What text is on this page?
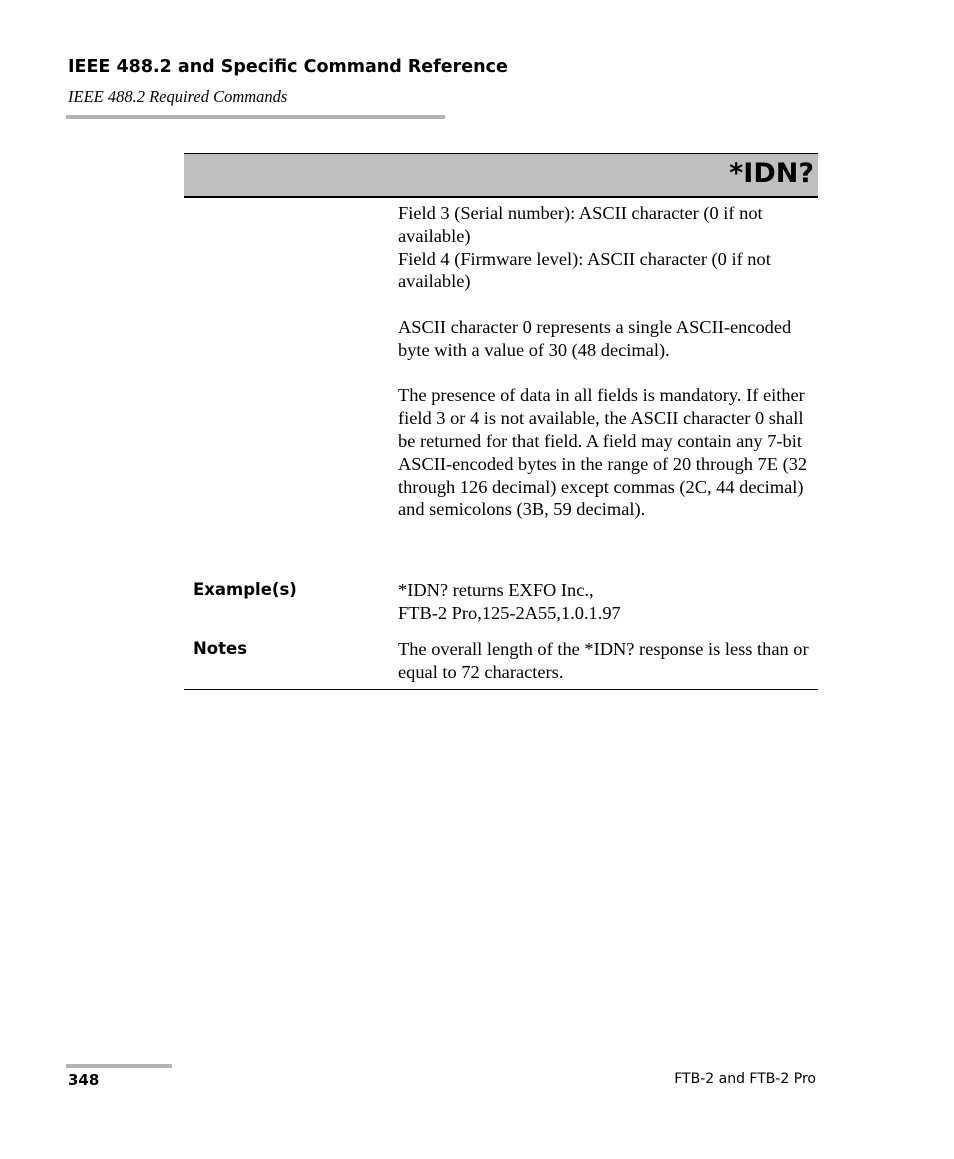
IEEE 488.2 and Specific Command Reference
IEEE 488.2 Required Commands
*IDN?

Field 3 (Serial number): ASCII character (0 if not available)

Field 4 (Firmware level): ASCII character (0 if not available)

ASCII character 0 represents a single ASCII-encoded byte with a value of 30 (48 decimal).

The presence of data in all fields is mandatory. If either field 3 or 4 is not available, the ASCII character 0 shall be returned for that field. A field may contain any 7-bit ASCII-encoded bytes in the range of 20 through 7E (32 through 126 decimal) except commas (2C, 44 decimal) and semicolons (3B, 59 decimal).

Example(s)	*IDN? returns EXFO Inc.,

FTB-2 Pro,125-2A55,1.0.1.97

Notes	The overall length of the *IDN? response is less than or equal to 72 characters.

348	FTB-2 and FTB-2 Pro
